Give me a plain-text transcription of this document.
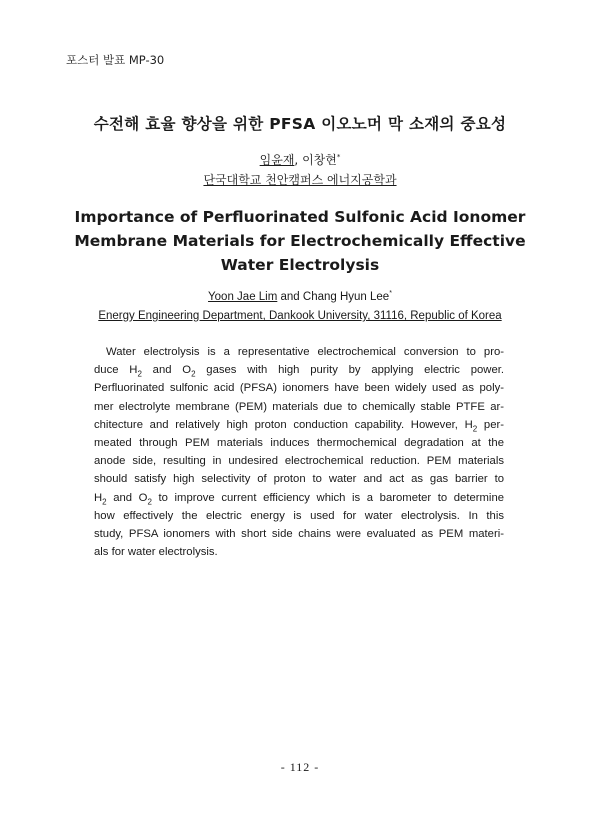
포스터 발표 MP-30
수전해 효율 향상을 위한 PFSA 이오노머 막 소재의 중요성
임윤재, 이창현*
단국대학교 천안캠퍼스 에너지공학과
Importance of Perfluorinated Sulfonic Acid Ionomer
Membrane Materials for Electrochemically Effective
Water Electrolysis
Yoon Jae Lim and Chang Hyun Lee*
Energy Engineering Department, Dankook University, 31116, Republic of Korea
Water electrolysis is a representative electrochemical conversion to pro-
duce $H_2$ and $O_2$ gases with high purity by applying electric power.
Perfluorinated sulfonic acid (PFSA) ionomers have been widely used as poly-
mer electrolyte membrane (PEM) materials due to chemically stable PTFE ar-
chitecture and relatively high proton conduction capability. However, $H_2$ per-
meated through PEM materials induces thermochemical degradation at the
anode side, resulting in undesired electrochemical reduction. PEM materials
should satisfy high selectivity of proton to water and act as gas barrier to
$H_2$ and $O_2$ to improve current efficiency which is a barometer to determine
how effectively the electric energy is used for water electrolysis. In this
study, PFSA ionomers with short side chains were evaluated as PEM materi-
als for water electrolysis.
- 112 -
